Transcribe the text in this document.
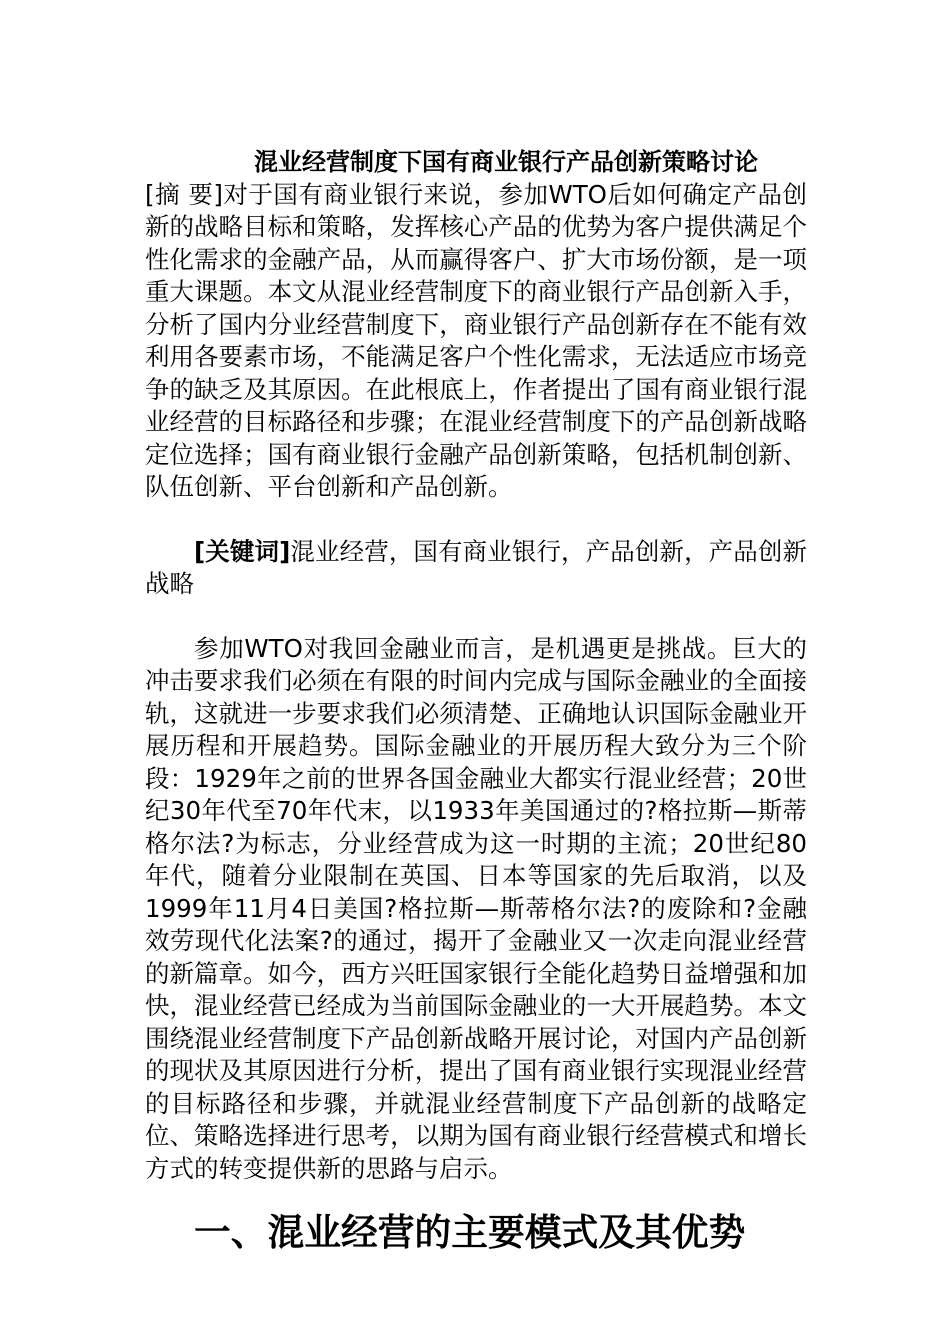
混业经营制度下国有商业银行产品创新策略讨论

[摘 要]对于国有商业银行来说，参加WTO后如何确定产品创新的战略目标和策略，发挥核心产品的优势为客户提供满足个性化需求的金融产品，从而赢得客户、扩大市场份额，是一项重大课题。本文从混业经营制度下的商业银行产品创新入手，分析了国内分业经营制度下，商业银行产品创新存在不能有效利用各要素市场，不能满足客户个性化需求，无法适应市场竞争的缺乏及其原因。在此根底上，作者提出了国有商业银行混业经营的目标路径和步骤；在混业经营制度下的产品创新战略定位选择；国有商业银行金融产品创新策略，包括机制创新、队伍创新、平台创新和产品创新。

[关键词]混业经营，国有商业银行，产品创新，产品创新战略

参加WTO对我回金融业而言，是机遇更是挑战。巨大的冲击要求我们必须在有限的时间内完成与国际金融业的全面接轨，这就进一步要求我们必须清楚、正确地认识国际金融业开展历程和开展趋势。国际金融业的开展历程大致分为三个阶段：1929年之前的世界各国金融业大都实行混业经营；20世纪30年代至70年代末，以1933年美国通过的?格拉斯—斯蒂格尔法?为标志，分业经营成为这一时期的主流；20世纪80年代，随着分业限制在英国、日本等国家的先后取消，以及1999年11月4日美国?格拉斯—斯蒂格尔法?的废除和?金融效劳现代化法案?的通过，揭开了金融业又一次走向混业经营的新篇章。如今，西方兴旺国家银行全能化趋势日益增强和加快，混业经营已经成为当前国际金融业的一大开展趋势。本文围绕混业经营制度下产品创新战略开展讨论，对国内产品创新的现状及其原因进行分析，提出了国有商业银行实现混业经营的目标路径和步骤，并就混业经营制度下产品创新的战略定位、策略选择进行思考，以期为国有商业银行经营模式和增长方式的转变提供新的思路与启示。

一、混业经营的主要模式及其优势
